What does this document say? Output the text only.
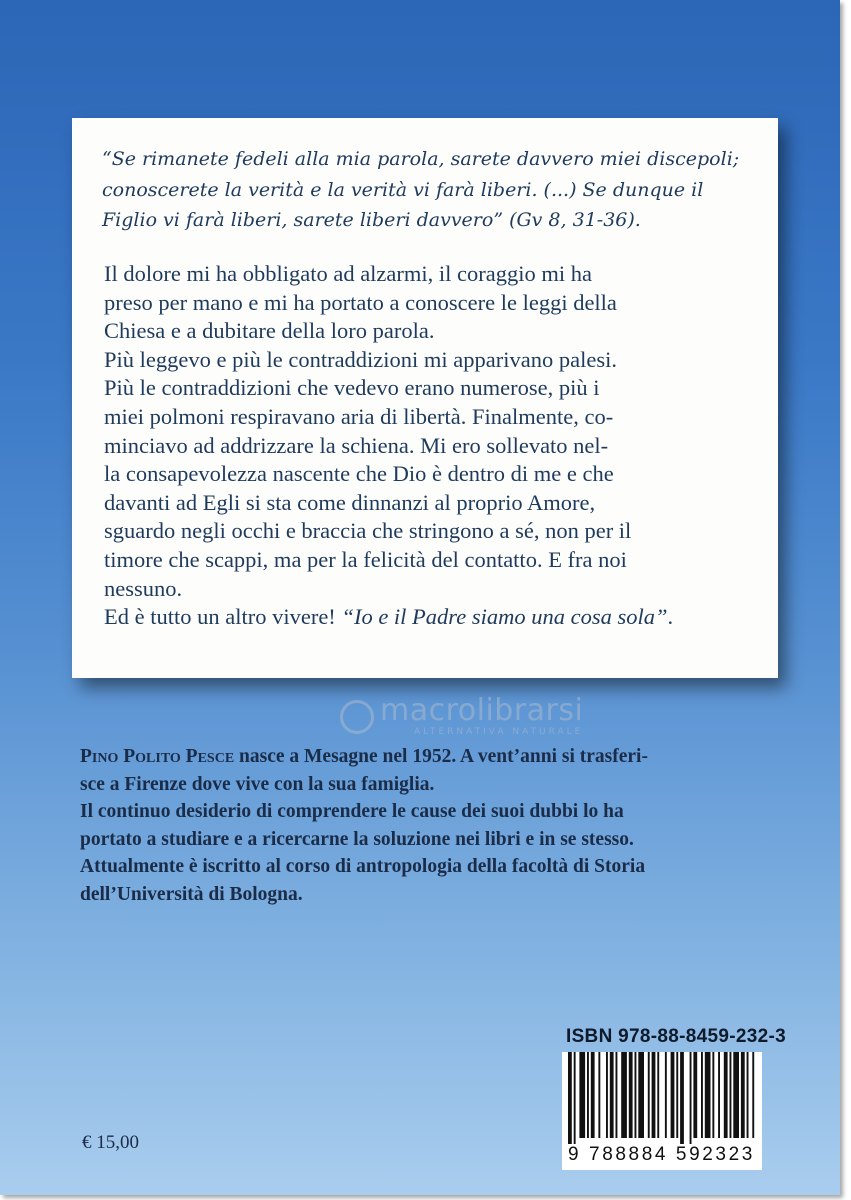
“Se rimanete fedeli alla mia parola, sarete davvero miei discepoli;
conoscerete la verità e la verità vi farà liberi. (...) Se dunque il
Figlio vi farà liberi, sarete liberi davvero” (Gv 8, 31-36).

Il dolore mi ha obbligato ad alzarmi, il coraggio mi ha
preso per mano e mi ha portato a conoscere le leggi della
Chiesa e a dubitare della loro parola.
Più leggevo e più le contraddizioni mi apparivano palesi.
Più le contraddizioni che vedevo erano numerose, più i
miei polmoni respiravano aria di libertà. Finalmente, co-
minciavo ad addrizzare la schiena. Mi ero sollevato nel-
la consapevolezza nascente che Dio è dentro di me e che
davanti ad Egli si sta come dinnanzi al proprio Amore,
sguardo negli occhi e braccia che stringono a sé, non per il
timore che scappi, ma per la felicità del contatto. E fra noi
nessuno.
Ed è tutto un altro vivere! “Io e il Padre siamo una cosa sola”.

macrolibrarsi
ALTERNATIVA NATURALE

Pino Polito Pesce nasce a Mesagne nel 1952. A vent’anni si trasferi-
sce a Firenze dove vive con la sua famiglia.
Il continuo desiderio di comprendere le cause dei suoi dubbi lo ha
portato a studiare e a ricercarne la soluzione nei libri e in se stesso.
Attualmente è iscritto al corso di antropologia della facoltà di Storia
dell’Università di Bologna.

ISBN 978-88-8459-232-3
9 788884 592323
€ 15,00
